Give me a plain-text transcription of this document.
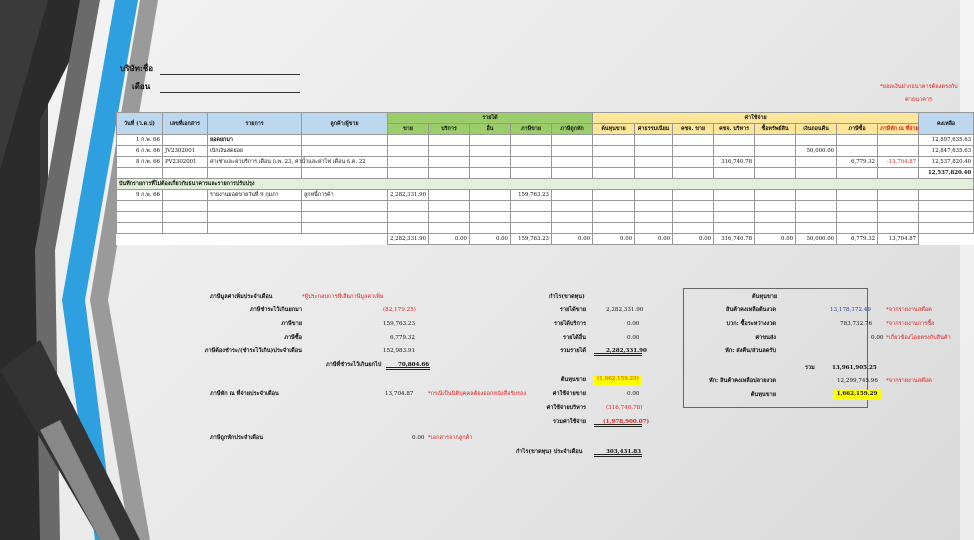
บริษัท:ชื่อ
เดือน	*ยอดเงินฝากธนาคารต้องตรงกับ
ค่าธนาคาร
วันที่ (ว.ด.ป)	เลขที่เอกสาร	รายการ	ลูกค้า/ผู้ขาย	รายได้					ค่าใช้จ่าย								คงเหลือ
				ขาย	บริการ	อื่น	ภาษีขาย	ภาษีถูกหัก	ต้นทุนขาย	ค่าธรรมเนียม	คชจ. ขาย	คชจ. บริหาร	ซื้อทรัพย์สิน	เงินถอนคืน	ภาษีซื้อ	ภาษีหัก ณ ที่จ่าย	
1 ก.พ. 66		ยอดยกมา															12,897,635.63
6 ก.พ. 66	JV2302001	เบิกเงินสดย่อย												50,000.00			12,847,635.63
8 ก.พ. 66	PV2302001	ค่าเช่าและค่าบริการ เดือน ก.พ. 23, ค่าน้ำและค่าไฟ เดือน ธ.ค. 22										316,740.78			6,779.32	-13,704.87	12,537,820.40
																	12,537,820.40
บันทึกรายการที่ไม่ต้องเกี่ยวกับธนาคารและรายการปรับปรุง																	
9 ก.พ. 66		รายงานยอดขายวันที่ 9 กุมภา	ลูกหนี้การค้า	2,282,331.90			159,763.23										

				2,282,331.90	0.00	0.00	159,763.23	0.00	0.00	0.00	0.00	316,740.78	0.00	50,000.00	6,779.32	13,704.87	
ภาษีมูลค่าเพิ่มประจำเดือน	*ผู้ประกอบการที่เสียภาษีมูลค่าเพิ่ม
ภาษีชำระไว้เกินยกมา	(82,179.25)
ภาษีขาย	159,763.23
ภาษีซื้อ	6,779.32
ภาษีต้องชำระ/(ชำระไว้เกิน)ประจำเดือน	152,983.91
ภาษีที่ชำระไว้เกินยกไป	70,804.66
ภาษีหัก ณ ที่จ่ายประจำเดือน	13,704.87	*กรณีเป็นนิติบุคคลต้องออกหนังสือรับรอง
ภาษีถูกหักประจำเดือน	0.00 *เอกสารจากลูกค้า
กำไร(ขาดทุน)
รายได้ขาย	2,282,331.90
รายได้บริการ	0.00
รายได้อื่น	0.00
รวมรายได้	2,282,331.90
ต้นทุนขาย	(1,662,159.29)
ค่าใช้จ่ายขาย	0.00
ค่าใช้จ่ายบริหาร	(316,740.78)
รวมค่าใช้จ่าย	(1,978,900.07)
กำไร(ขาดทุน) ประจำเดือน	303,431.83
ต้นทุนขาย
สินค้าคงเหลือต้นงวด	13,178,172.49	*จากรายงานสต๊อค
บวก: ซื้อระหว่างงวด	783,732.76 *จากรายงานการซื้อ
ค่าขนส่ง	0.00 *เกี่ยวข้องโดยตรงกับสินค้า
หัก: ส่งคืน/ส่วนลดรับ
รวม	13,961,905.25
หัก: สินค้าคงเหลือปลายงวด	12,299,745.96 *จากรายงานสต๊อค
ต้นทุนขาย	1,662,159.29
